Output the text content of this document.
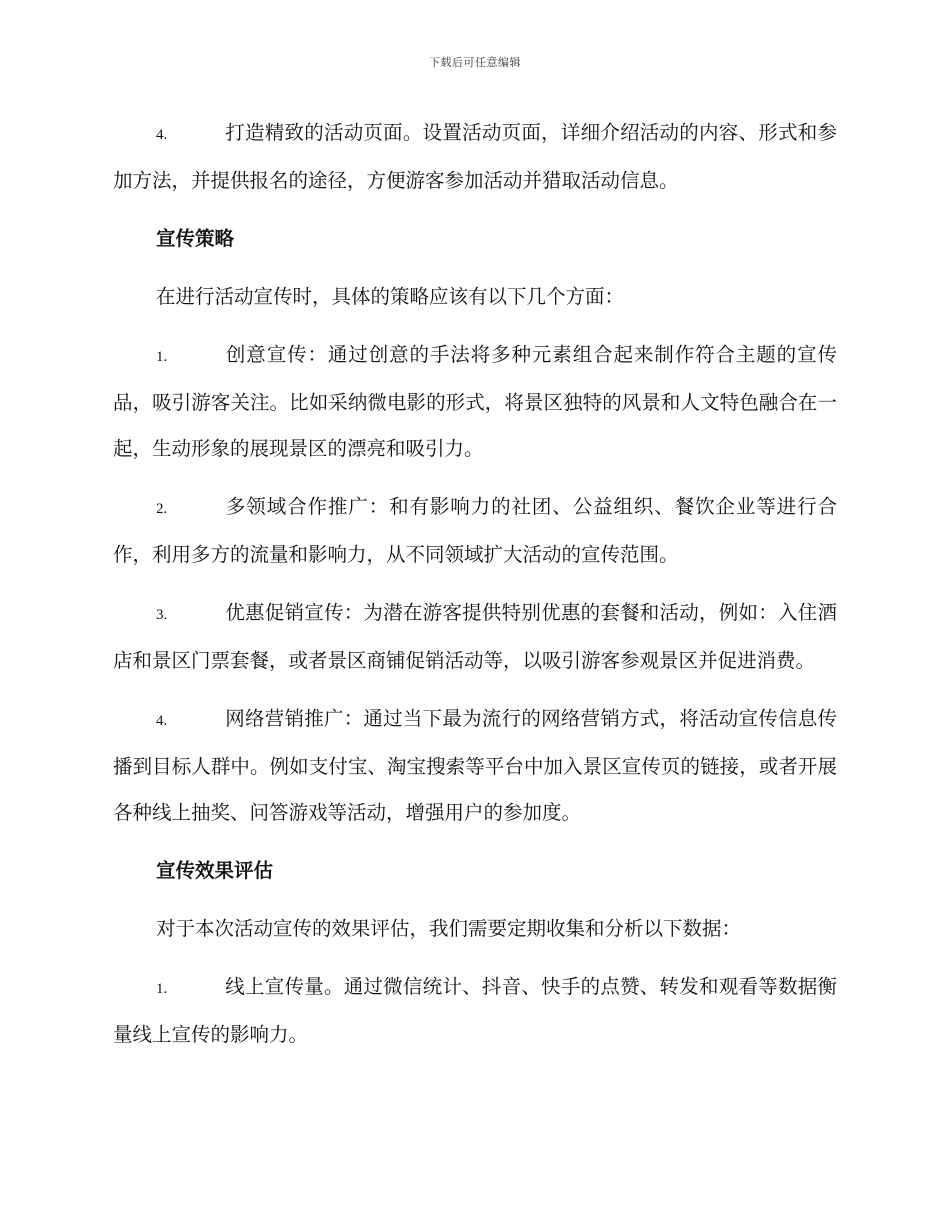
下载后可任意编辑

4.	打造精致的活动页面。设置活动页面，详细介绍活动的内容、形式和参加方法，并提供报名的途径，方便游客参加活动并猎取活动信息。

宣传策略

在进行活动宣传时，具体的策略应该有以下几个方面：

1.	创意宣传：通过创意的手法将多种元素组合起来制作符合主题的宣传品，吸引游客关注。比如采纳微电影的形式，将景区独特的风景和人文特色融合在一起，生动形象的展现景区的漂亮和吸引力。

2.	多领域合作推广：和有影响力的社团、公益组织、餐饮企业等进行合作，利用多方的流量和影响力，从不同领域扩大活动的宣传范围。

3.	优惠促销宣传：为潜在游客提供特别优惠的套餐和活动，例如：入住酒店和景区门票套餐，或者景区商铺促销活动等，以吸引游客参观景区并促进消费。

4.	网络营销推广：通过当下最为流行的网络营销方式，将活动宣传信息传播到目标人群中。例如支付宝、淘宝搜索等平台中加入景区宣传页的链接，或者开展各种线上抽奖、问答游戏等活动，增强用户的参加度。

宣传效果评估

对于本次活动宣传的效果评估，我们需要定期收集和分析以下数据：

1.	线上宣传量。通过微信统计、抖音、快手的点赞、转发和观看等数据衡量线上宣传的影响力。
